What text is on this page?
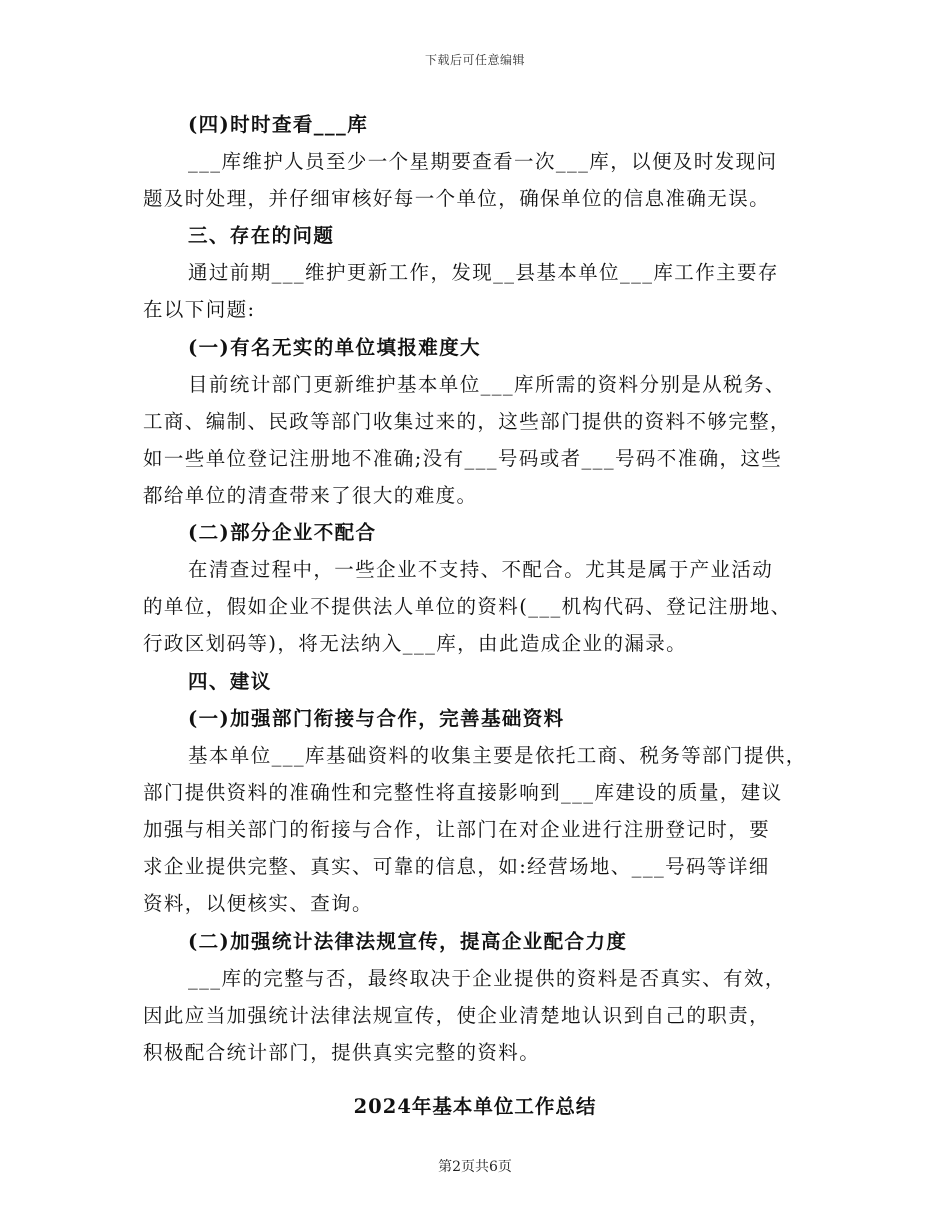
下载后可任意编辑
(四)时时查看___库
___库维护人员至少一个星期要查看一次___库，以便及时发现问
题及时处理，并仔细审核好每一个单位，确保单位的信息准确无误。
三、存在的问题
通过前期___维护更新工作，发现__县基本单位___库工作主要存
在以下问题:
(一)有名无实的单位填报难度大
目前统计部门更新维护基本单位___库所需的资料分别是从税务、
工商、编制、民政等部门收集过来的，这些部门提供的资料不够完整，
如一些单位登记注册地不准确;没有___号码或者___号码不准确，这些
都给单位的清查带来了很大的难度。
(二)部分企业不配合
在清查过程中，一些企业不支持、不配合。尤其是属于产业活动
的单位，假如企业不提供法人单位的资料(___机构代码、登记注册地、
行政区划码等)，将无法纳入___库，由此造成企业的漏录。
四、建议
(一)加强部门衔接与合作，完善基础资料
基本单位___库基础资料的收集主要是依托工商、税务等部门提供，
部门提供资料的准确性和完整性将直接影响到___库建设的质量，建议
加强与相关部门的衔接与合作，让部门在对企业进行注册登记时，要
求企业提供完整、真实、可靠的信息，如:经营场地、___号码等详细
资料，以便核实、查询。
(二)加强统计法律法规宣传，提高企业配合力度
___库的完整与否，最终取决于企业提供的资料是否真实、有效，
因此应当加强统计法律法规宣传，使企业清楚地认识到自己的职责，
积极配合统计部门，提供真实完整的资料。
2024年基本单位工作总结
第2页共6页
